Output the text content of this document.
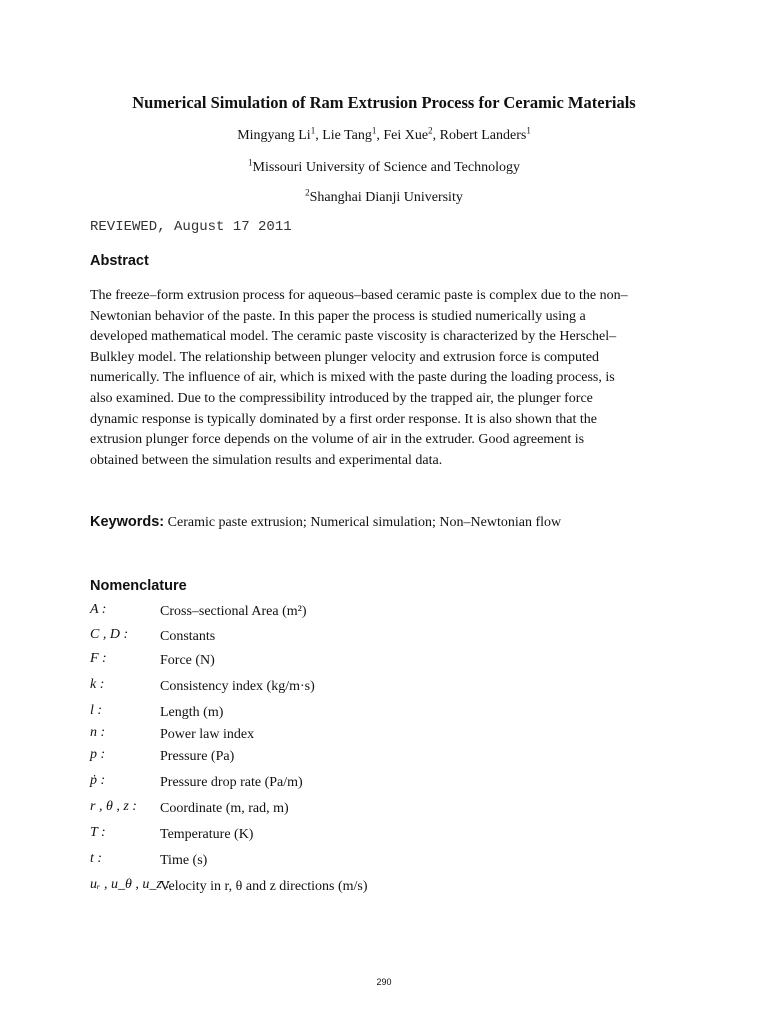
Numerical Simulation of Ram Extrusion Process for Ceramic Materials
Mingyang Li$^1$, Lie Tang$^1$, Fei Xue$^2$, Robert Landers$^1$
$^1$Missouri University of Science and Technology
$^2$Shanghai Dianji University
REVIEWED, August 17 2011
Abstract
The freeze–form extrusion process for aqueous–based ceramic paste is complex due to the non–
Newtonian behavior of the paste. In this paper the process is studied numerically using a
developed mathematical model. The ceramic paste viscosity is characterized by the Herschel–
Bulkley model. The relationship between plunger velocity and extrusion force is computed
numerically. The influence of air, which is mixed with the paste during the loading process, is
also examined. Due to the compressibility introduced by the trapped air, the plunger force
dynamic response is typically dominated by a first order response. It is also shown that the
extrusion plunger force depends on the volume of air in the extruder. Good agreement is
obtained between the simulation results and experimental data.
Keywords: Ceramic paste extrusion; Numerical simulation; Non–Newtonian flow
Nomenclature
A :	Cross–sectional Area (m²)
C , D : Constants
F :	Force (N)
k :	Consistency index (kg/m·s)
l :	Length (m)
n :	Power law index
p :	Pressure (Pa)
ṗ :	Pressure drop rate (Pa/m)
r , θ , z : Coordinate (m, rad, m)
T :	Temperature (K)
t :	Time (s)
uᵣ , u_θ , u_z :
Velocity in r, θ and z directions (m/s)
290
